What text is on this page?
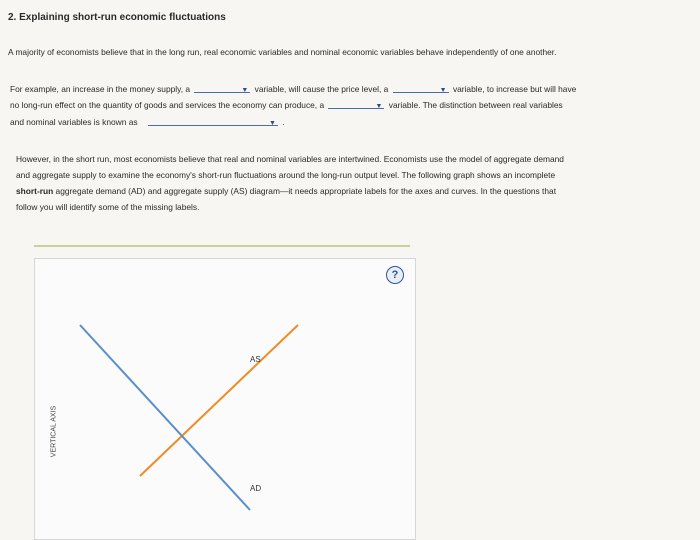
2. Explaining short-run economic fluctuations
A majority of economists believe that in the long run, real economic variables and nominal economic variables behave independently of one another.
For example, an increase in the money supply, a	▼ variable, will cause the price level, a	▼ variable, to increase but will have
no long-run effect on the quantity of goods and services the economy can produce, a	▼ variable. The distinction between real variables
and nominal variables is known as	▼ .
However, in the short run, most economists believe that real and nominal variables are intertwined. Economists use the model of aggregate demand
and aggregate supply to examine the economy's short-run fluctuations around the long-run output level. The following graph shows an incomplete
short-run aggregate demand (AD) and aggregate supply (AS) diagram—it needs appropriate labels for the axes and curves. In the questions that
follow you will identify some of the missing labels.
?
AS
AD
VERTICAL AXIS
